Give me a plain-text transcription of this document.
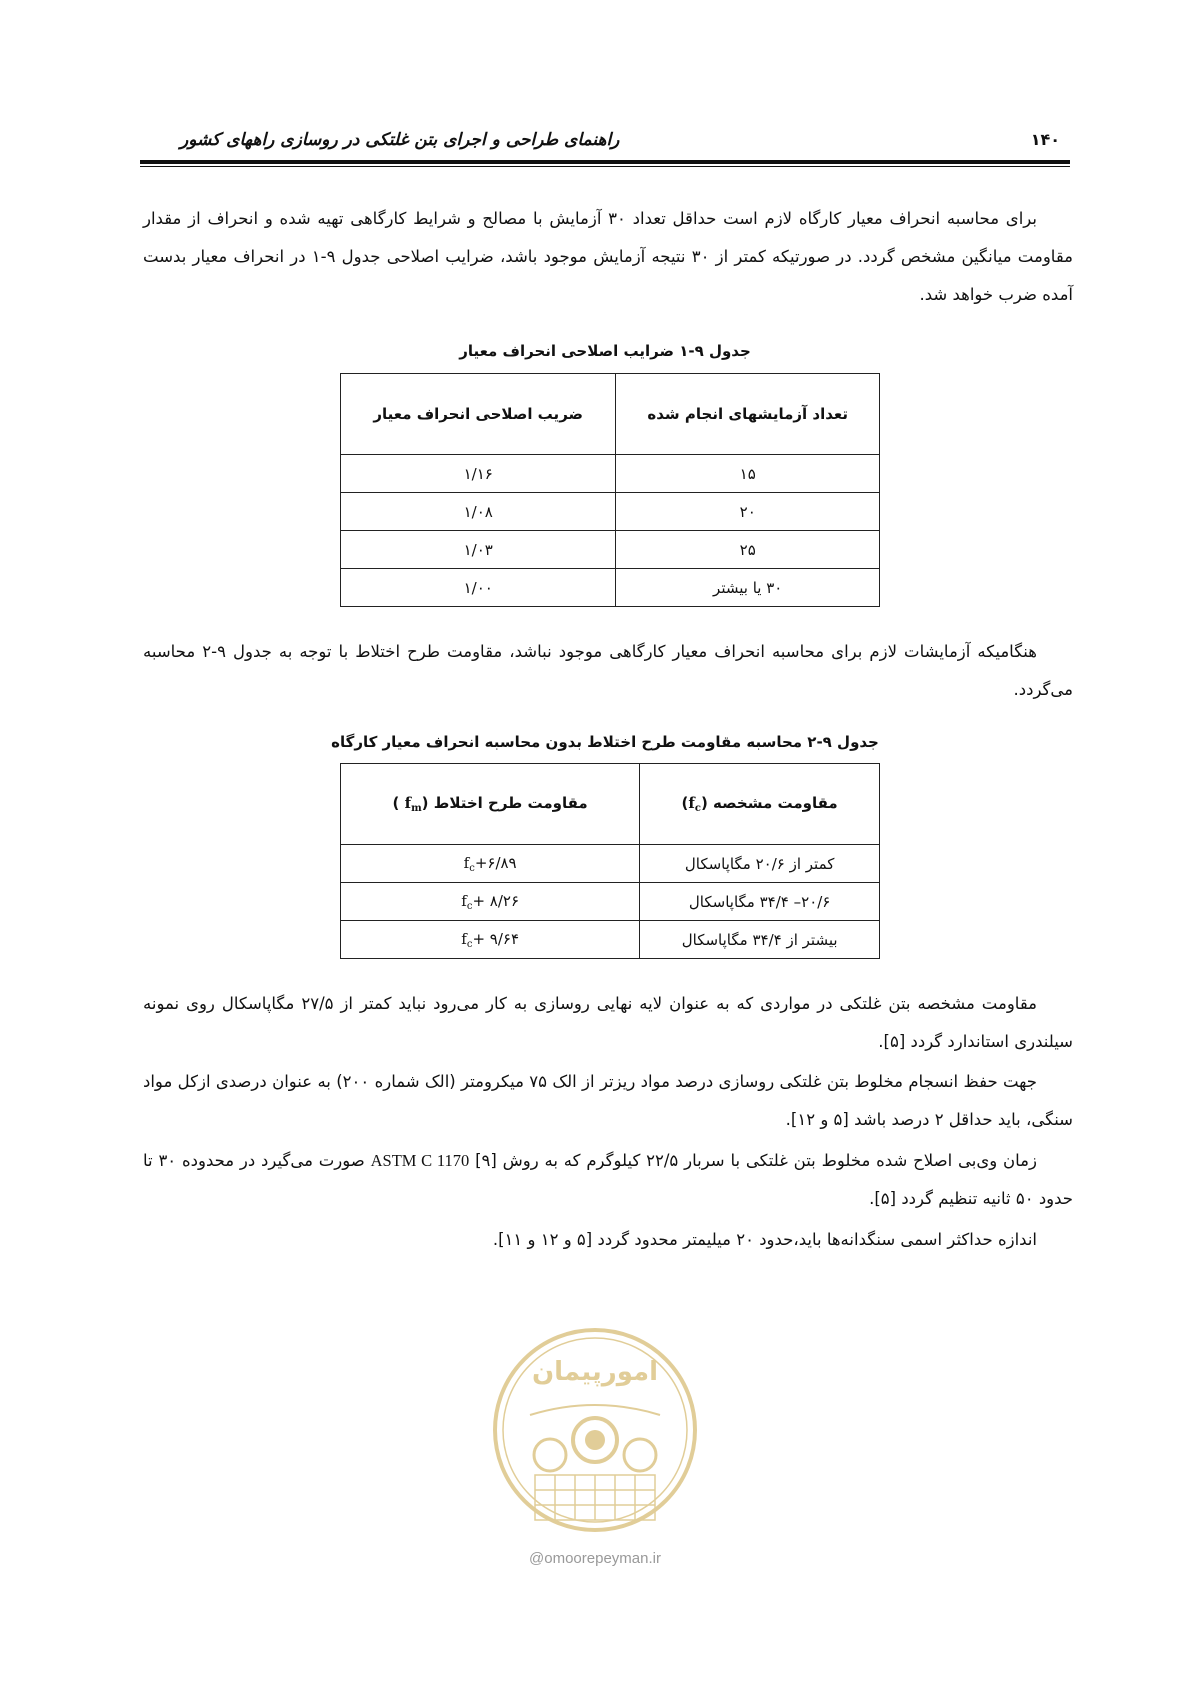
۱۴۰
راهنمای طراحی و اجرای بتن غلتکی در روسازی راههای کشور
برای محاسبه انحراف معیار کارگاه لازم است حداقل تعداد ۳۰ آزمایش با مصالح و شرایط کارگاهی تهیه شده و انحراف از مقدار مقاومت میانگین مشخص گردد. در صورتیکه کمتر از ۳۰ نتیجه آزمایش موجود باشد، ضرایب اصلاحی جدول ۹-۱ در انحراف معیار بدست آمده ضرب خواهد شد.
جدول ۹-۱ ضرایب اصلاحی انحراف معیار
تعداد آزمایشهای انجام شده	ضریب اصلاحی انحراف معیار
۱۵	۱/۱۶
۲۰	۱/۰۸
۲۵	۱/۰۳
۳۰ یا بیشتر	۱/۰۰
هنگامیکه آزمایشات لازم برای محاسبه انحراف معیار کارگاهی موجود نباشد، مقاومت طرح اختلاط با توجه به جدول ۹-۲ محاسبه می‌گردد.
جدول ۹-۲ محاسبه مقاومت طرح اختلاط بدون محاسبه انحراف معیار کارگاه
مقاومت مشخصه $(f_c)$	مقاومت طرح اختلاط ($f_m$ )
کمتر از ۲۰/۶ مگاپاسکال	$f_c+۶/۸۹$
۲۰/۶– ۳۴/۴ مگاپاسکال	$f_c+$ ۸/۲۶
بیشتر از ۳۴/۴ مگاپاسکال	$f_c+$ ۹/۶۴
مقاومت مشخصه بتن غلتکی در مواردی که به عنوان لایه نهایی روسازی به کار می‌رود نباید کمتر از ۲۷/۵ مگاپاسکال روی نمونه سیلندری استاندارد گردد [۵].
جهت حفظ انسجام مخلوط بتن غلتکی روسازی درصد مواد ریزتر از الک ۷۵ میکرومتر (الک شماره ۲۰۰) به عنوان درصدی ازکل مواد سنگی، باید حداقل ۲ درصد باشد [۵ و ۱۲].
زمان وی‌بی اصلاح شده مخلوط بتن غلتکی با سربار ۲۲/۵ کیلوگرم که به روش ASTM C 1170 [۹] صورت می‌گیرد در محدوده ۳۰ تا حدود ۵۰ ثانیه تنظیم گردد [۵].
اندازه حداکثر اسمی سنگدانه‌ها باید،حدود ۲۰ میلیمتر محدود گردد [۵ و ۱۲ و ۱۱].
امورپیمان
@omoorepeyman.ir
